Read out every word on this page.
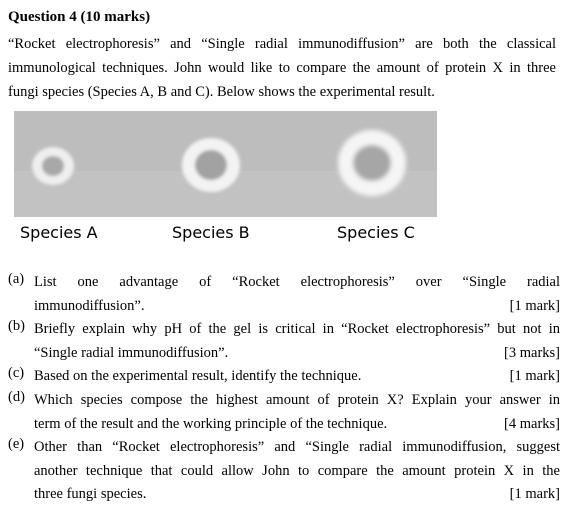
Question 4 (10 marks)
“Rocket electrophoresis” and “Single radial immunodiffusion” are both the classical
immunological techniques. John would like to compare the amount of protein X in three
fungi species (Species A, B and C). Below shows the experimental result.
Species A	Species B	Species C
(a) List one advantage of “Rocket electrophoresis” over “Single radial
immunodiffusion”.	[1 mark]
(b) Briefly explain why pH of the gel is critical in “Rocket electrophoresis” but not in
“Single radial immunodiffusion”.	[3 marks]
(c) Based on the experimental result, identify the technique.	[1 mark]
(d) Which species compose the highest amount of protein X? Explain your answer in
term of the result and the working principle of the technique.	[4 marks]
(e) Other than “Rocket electrophoresis” and “Single radial immunodiffusion, suggest
another technique that could allow John to compare the amount protein X in the
three fungi species.	[1 mark]
